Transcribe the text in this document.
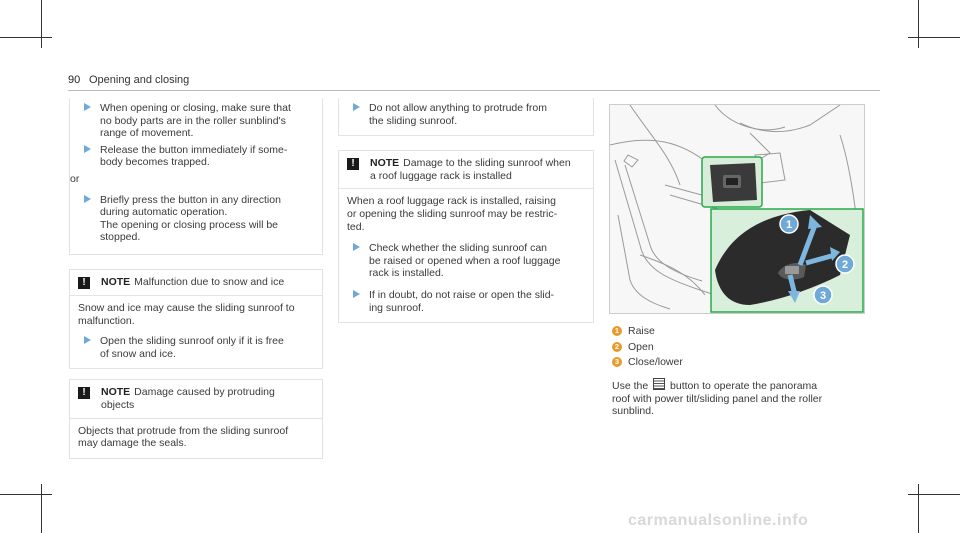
90 Opening and closing
When opening or closing, make sure that
no body parts are in the roller sunblind's
range of movement.
Release the button immediately if some-
body becomes trapped.
or
Briefly press the button in any direction
during automatic operation.
The opening or closing process will be
stopped.
!	NOTE Malfunction due to snow and ice
Snow and ice may cause the sliding sunroof to
malfunction.
Open the sliding sunroof only if it is free
of snow and ice.
!	NOTE Damage caused by protruding
objects
Objects that protrude from the sliding sunroof
may damage the seals.
Do not allow anything to protrude from
the sliding sunroof.
!	NOTE Damage to the sliding sunroof when
a roof luggage rack is installed
When a roof luggage rack is installed, raising
or opening the sliding sunroof may be restric-
ted.
Check whether the sliding sunroof can
be raised or opened when a roof luggage
rack is installed.
If in doubt, do not raise or open the slid-
ing sunroof.
1
2
3
1 Raise
2 Open
3 Close/lower
Use the button to operate the panorama
roof with power tilt/sliding panel and the roller
sunblind.
carmanualsonline.info
